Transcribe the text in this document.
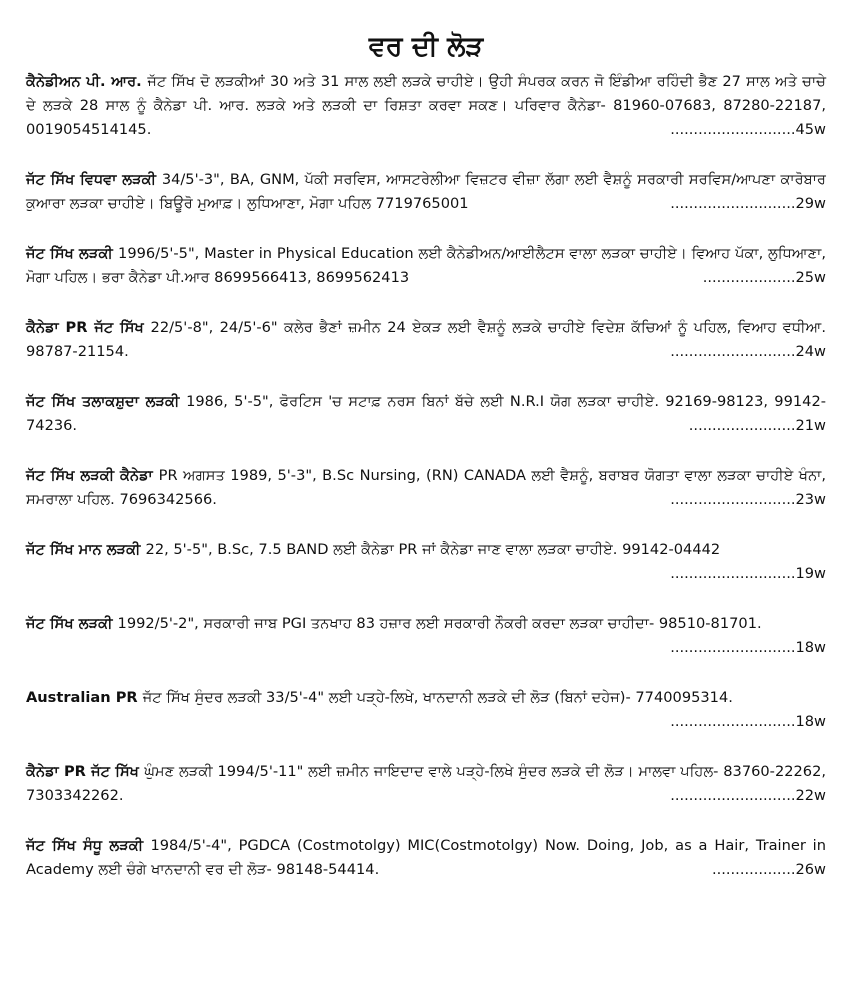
ਵਰ ਦੀ ਲੋੜ

ਕੈਨੇਡੀਅਨ ਪੀ. ਆਰ. ਜੱਟ ਸਿੱਖ ਦੋ ਲੜਕੀਆਂ 30 ਅਤੇ 31 ਸਾਲ ਲਈ ਲੜਕੇ ਚਾਹੀਏ। ਉਹੀ ਸੰਪਰਕ ਕਰਨ ਜੋ ਇੰਡੀਆ ਰਹਿੰਦੀ ਭੈਣ 27 ਸਾਲ ਅਤੇ ਚਾਚੇ ਦੇ ਲੜਕੇ 28 ਸਾਲ ਨੂੰ ਕੈਨੇਡਾ ਪੀ. ਆਰ. ਲੜਕੇ ਅਤੇ ਲੜਕੀ ਦਾ ਰਿਸ਼ਤਾ ਕਰਵਾ ਸਕਣ। ਪਰਿਵਾਰ ਕੈਨੇਡਾ- 81960-07683, 87280-22187, 0019054514145.	...........................45w

ਜੱਟ ਸਿੱਖ ਵਿਧਵਾ ਲੜਕੀ 34/5'-3", BA, GNM, ਪੱਕੀ ਸਰਵਿਸ, ਆਸਟਰੇਲੀਆ ਵਿਜ਼ਟਰ ਵੀਜ਼ਾ ਲੱਗਾ ਲਈ ਵੈਸ਼ਨੂੰ ਸਰਕਾਰੀ ਸਰਵਿਸ/ਆਪਣਾ ਕਾਰੋਬਾਰ ਕੁਆਰਾ ਲੜਕਾ ਚਾਹੀਏ। ਬਿਊਰੋ ਮੁਆਫ਼। ਲੁਧਿਆਣਾ, ਮੋਗਾ ਪਹਿਲ 7719765001	...........................29w

ਜੱਟ ਸਿੱਖ ਲੜਕੀ 1996/5'-5", Master in Physical Education ਲਈ ਕੈਨੇਡੀਅਨ/ਆਈਲੈਟਸ ਵਾਲਾ ਲੜਕਾ ਚਾਹੀਏ। ਵਿਆਹ ਪੱਕਾ, ਲੁਧਿਆਣਾ, ਮੋਗਾ ਪਹਿਲ। ਭਰਾ ਕੈਨੇਡਾ ਪੀ.ਆਰ 8699566413, 8699562413	....................25w

ਕੈਨੇਡਾ PR ਜੱਟ ਸਿੱਖ 22/5'-8", 24/5'-6" ਕਲੇਰ ਭੈਣਾਂ ਜ਼ਮੀਨ 24 ਏਕੜ ਲਈ ਵੈਸ਼ਨੂੰ ਲੜਕੇ ਚਾਹੀਏ ਵਿਦੇਸ਼ ਕੱਚਿਆਂ ਨੂੰ ਪਹਿਲ, ਵਿਆਹ ਵਧੀਆ. 98787-21154.	...........................24w

ਜੱਟ ਸਿੱਖ ਤਲਾਕਸ਼ੁਦਾ ਲੜਕੀ 1986, 5'-5", ਫੋਰਟਿਸ 'ਚ ਸਟਾਫ਼ ਨਰਸ ਬਿਨਾਂ ਬੱਚੇ ਲਈ N.R.I ਯੋਗ ਲੜਕਾ ਚਾਹੀਏ. 92169-98123, 99142-74236.	.......................21w

ਜੱਟ ਸਿੱਖ ਲੜਕੀ ਕੈਨੇਡਾ PR ਅਗਸਤ 1989, 5'-3", B.Sc Nursing, (RN) CANADA ਲਈ ਵੈਸ਼ਨੂੰ, ਬਰਾਬਰ ਯੋਗਤਾ ਵਾਲਾ ਲੜਕਾ ਚਾਹੀਏ ਖੰਨਾ, ਸਮਰਾਲਾ ਪਹਿਲ. 7696342566.	...........................23w

ਜੱਟ ਸਿੱਖ ਮਾਨ ਲੜਕੀ 22, 5'-5", B.Sc, 7.5 BAND ਲਈ ਕੈਨੇਡਾ PR ਜਾਂ ਕੈਨੇਡਾ ਜਾਣ ਵਾਲਾ ਲੜਕਾ ਚਾਹੀਏ. 99142-04442
...........................19w

ਜੱਟ ਸਿੱਖ ਲੜਕੀ 1992/5'-2", ਸਰਕਾਰੀ ਜਾਬ PGI ਤਨਖਾਹ 83 ਹਜ਼ਾਰ ਲਈ ਸਰਕਾਰੀ ਨੌਕਰੀ ਕਰਦਾ ਲੜਕਾ ਚਾਹੀਦਾ- 98510-81701.
...........................18w

Australian PR ਜੱਟ ਸਿੱਖ ਸੁੰਦਰ ਲੜਕੀ 33/5'-4" ਲਈ ਪੜ੍ਹੇ-ਲਿਖੇ, ਖਾਨਦਾਨੀ ਲੜਕੇ ਦੀ ਲੋੜ (ਬਿਨਾਂ ਦਹੇਜ)- 7740095314.
...........................18w

ਕੈਨੇਡਾ PR ਜੱਟ ਸਿੱਖ ਘੁੰਮਣ ਲੜਕੀ 1994/5'-11" ਲਈ ਜ਼ਮੀਨ ਜਾਇਦਾਦ ਵਾਲੇ ਪੜ੍ਹੇ-ਲਿਖੇ ਸੁੰਦਰ ਲੜਕੇ ਦੀ ਲੋੜ। ਮਾਲਵਾ ਪਹਿਲ- 83760-22262, 7303342262.	...........................22w

ਜੱਟ ਸਿੱਖ ਸੰਧੂ ਲੜਕੀ 1984/5'-4", PGDCA (Costmotolgy) MIC(Costmotolgy) Now. Doing, Job, as a Hair, Trainer in Academy ਲਈ ਚੰਗੇ ਖਾਨਦਾਨੀ ਵਰ ਦੀ ਲੋੜ- 98148-54414.	..................26w
